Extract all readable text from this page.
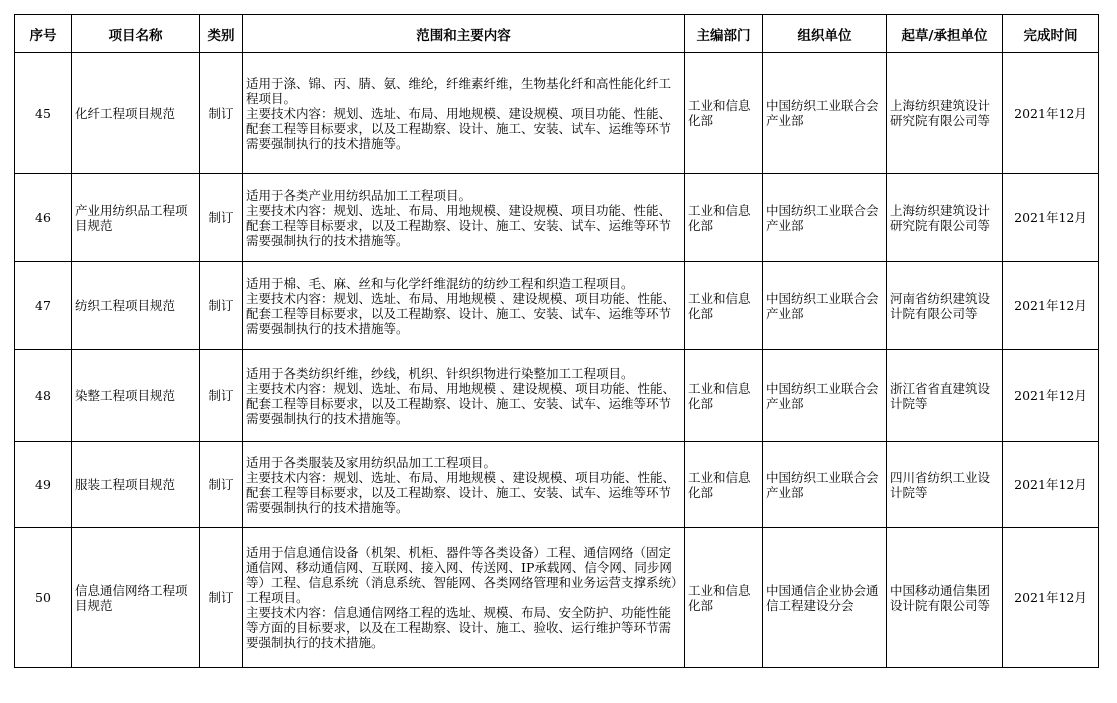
序号	项目名称	类别	范围和主要内容	主编部门	组织单位	起草/承担单位	完成时间
45	化纤工程项目规范	制订	适用于涤、锦、丙、腈、氨、维纶，纤维素纤维，生物基化纤和高性能化纤工程项目。
主要技术内容：规划、选址、布局、用地规模、建设规模、项目功能、性能、配套工程等目标要求，以及工程勘察、设计、施工、安装、试车、运维等环节需要强制执行的技术措施等。	工业和信息化部	中国纺织工业联合会产业部	上海纺织建筑设计研究院有限公司等	2021年12月
46	产业用纺织品工程项目规范	制订	适用于各类产业用纺织品加工工程项目。
主要技术内容：规划、选址、布局、用地规模、建设规模、项目功能、性能、配套工程等目标要求，以及工程勘察、设计、施工、安装、试车、运维等环节需要强制执行的技术措施等。	工业和信息化部	中国纺织工业联合会产业部	上海纺织建筑设计研究院有限公司等	2021年12月
47	纺织工程项目规范	制订	适用于棉、毛、麻、丝和与化学纤维混纺的纺纱工程和织造工程项目。
主要技术内容：规划、选址、布局、用地规模 、建设规模、项目功能、性能、配套工程等目标要求，以及工程勘察、设计、施工、安装、试车、运维等环节需要强制执行的技术措施等。	工业和信息化部	中国纺织工业联合会产业部	河南省纺织建筑设计院有限公司等	2021年12月
48	染整工程项目规范	制订	适用于各类纺织纤维，纱线，机织、针织织物进行染整加工工程项目。
主要技术内容：规划、选址、布局、用地规模 、建设规模、项目功能、性能、配套工程等目标要求，以及工程勘察、设计、施工、安装、试车、运维等环节需要强制执行的技术措施等。	工业和信息化部	中国纺织工业联合会产业部	浙江省省直建筑设计院等	2021年12月
49	服装工程项目规范	制订	适用于各类服装及家用纺织品加工工程项目。
主要技术内容：规划、选址、布局、用地规模 、建设规模、项目功能、性能、配套工程等目标要求，以及工程勘察、设计、施工、安装、试车、运维等环节需要强制执行的技术措施等。	工业和信息化部	中国纺织工业联合会产业部	四川省纺织工业设计院等	2021年12月
50	信息通信网络工程项目规范	制订	适用于信息通信设备（机架、机柜、器件等各类设备）工程、通信网络（固定通信网、移动通信网、互联网、接入网、传送网、IP承载网、信令网、同步网等）工程、信息系统（消息系统、智能网、各类网络管理和业务运营支撑系统）工程项目。
主要技术内容：信息通信网络工程的选址、规模、布局、安全防护、功能性能等方面的目标要求，以及在工程勘察、设计、施工、验收、运行维护等环节需要强制执行的技术措施。	工业和信息化部	中国通信企业协会通信工程建设分会	中国移动通信集团设计院有限公司等	2021年12月
